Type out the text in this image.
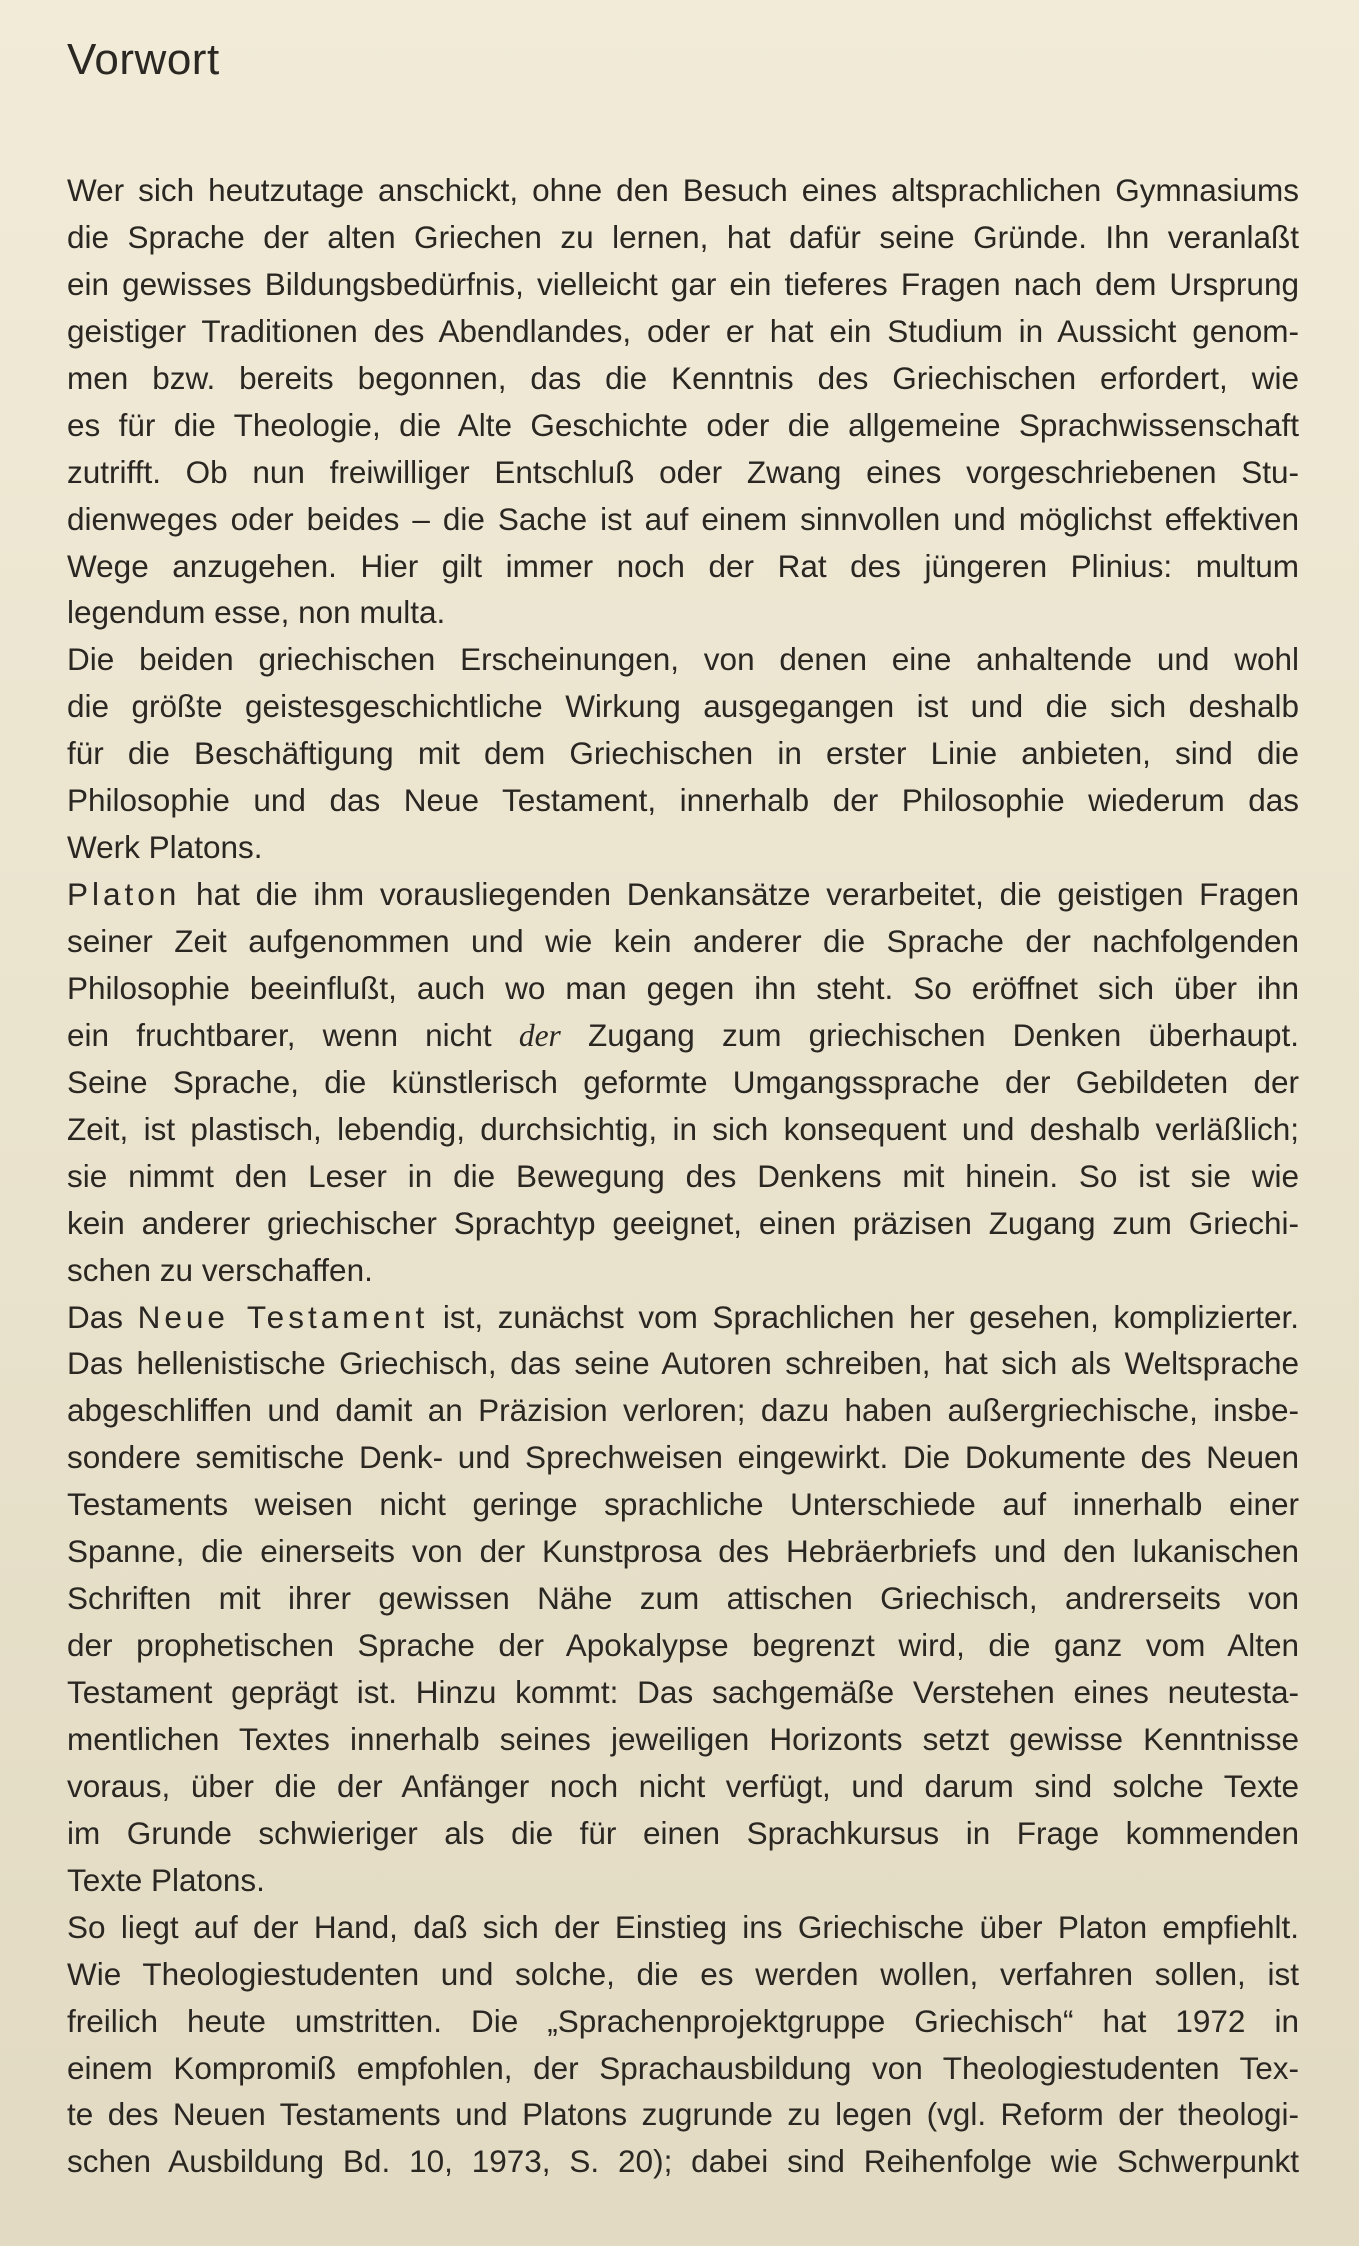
Vorwort

Wer sich heutzutage anschickt, ohne den Besuch eines altsprachlichen Gymnasiums
die Sprache der alten Griechen zu lernen, hat dafür seine Gründe. Ihn veranlaßt
ein gewisses Bildungsbedürfnis, vielleicht gar ein tieferes Fragen nach dem Ursprung
geistiger Traditionen des Abendlandes, oder er hat ein Studium in Aussicht genom-
men bzw. bereits begonnen, das die Kenntnis des Griechischen erfordert, wie
es für die Theologie, die Alte Geschichte oder die allgemeine Sprachwissenschaft
zutrifft. Ob nun freiwilliger Entschluß oder Zwang eines vorgeschriebenen Stu-
dienweges oder beides – die Sache ist auf einem sinnvollen und möglichst effektiven
Wege anzugehen. Hier gilt immer noch der Rat des jüngeren Plinius: multum
legendum esse, non multa.

Die beiden griechischen Erscheinungen, von denen eine anhaltende und wohl
die größte geistesgeschichtliche Wirkung ausgegangen ist und die sich deshalb
für die Beschäftigung mit dem Griechischen in erster Linie anbieten, sind die
Philosophie und das Neue Testament, innerhalb der Philosophie wiederum das
Werk Platons.

Platon hat die ihm vorausliegenden Denkansätze verarbeitet, die geistigen Fragen
seiner Zeit aufgenommen und wie kein anderer die Sprache der nachfolgenden
Philosophie beeinflußt, auch wo man gegen ihn steht. So eröffnet sich über ihn
ein fruchtbarer, wenn nicht der Zugang zum griechischen Denken überhaupt.
Seine Sprache, die künstlerisch geformte Umgangssprache der Gebildeten der
Zeit, ist plastisch, lebendig, durchsichtig, in sich konsequent und deshalb verläßlich;
sie nimmt den Leser in die Bewegung des Denkens mit hinein. So ist sie wie
kein anderer griechischer Sprachtyp geeignet, einen präzisen Zugang zum Griechi-
schen zu verschaffen.

Das Neue Testament ist, zunächst vom Sprachlichen her gesehen, komplizierter.
Das hellenistische Griechisch, das seine Autoren schreiben, hat sich als Weltsprache
abgeschliffen und damit an Präzision verloren; dazu haben außergriechische, insbe-
sondere semitische Denk- und Sprechweisen eingewirkt. Die Dokumente des Neuen
Testaments weisen nicht geringe sprachliche Unterschiede auf innerhalb einer
Spanne, die einerseits von der Kunstprosa des Hebräerbriefs und den lukanischen
Schriften mit ihrer gewissen Nähe zum attischen Griechisch, andrerseits von
der prophetischen Sprache der Apokalypse begrenzt wird, die ganz vom Alten
Testament geprägt ist. Hinzu kommt: Das sachgemäße Verstehen eines neutesta-
mentlichen Textes innerhalb seines jeweiligen Horizonts setzt gewisse Kenntnisse
voraus, über die der Anfänger noch nicht verfügt, und darum sind solche Texte
im Grunde schwieriger als die für einen Sprachkursus in Frage kommenden
Texte Platons.

So liegt auf der Hand, daß sich der Einstieg ins Griechische über Platon empfiehlt.
Wie Theologiestudenten und solche, die es werden wollen, verfahren sollen, ist
freilich heute umstritten. Die „Sprachenprojektgruppe Griechisch“ hat 1972 in
einem Kompromiß empfohlen, der Sprachausbildung von Theologiestudenten Tex-
te des Neuen Testaments und Platons zugrunde zu legen (vgl. Reform der theologi-
schen Ausbildung Bd. 10, 1973, S. 20); dabei sind Reihenfolge wie Schwerpunkt
